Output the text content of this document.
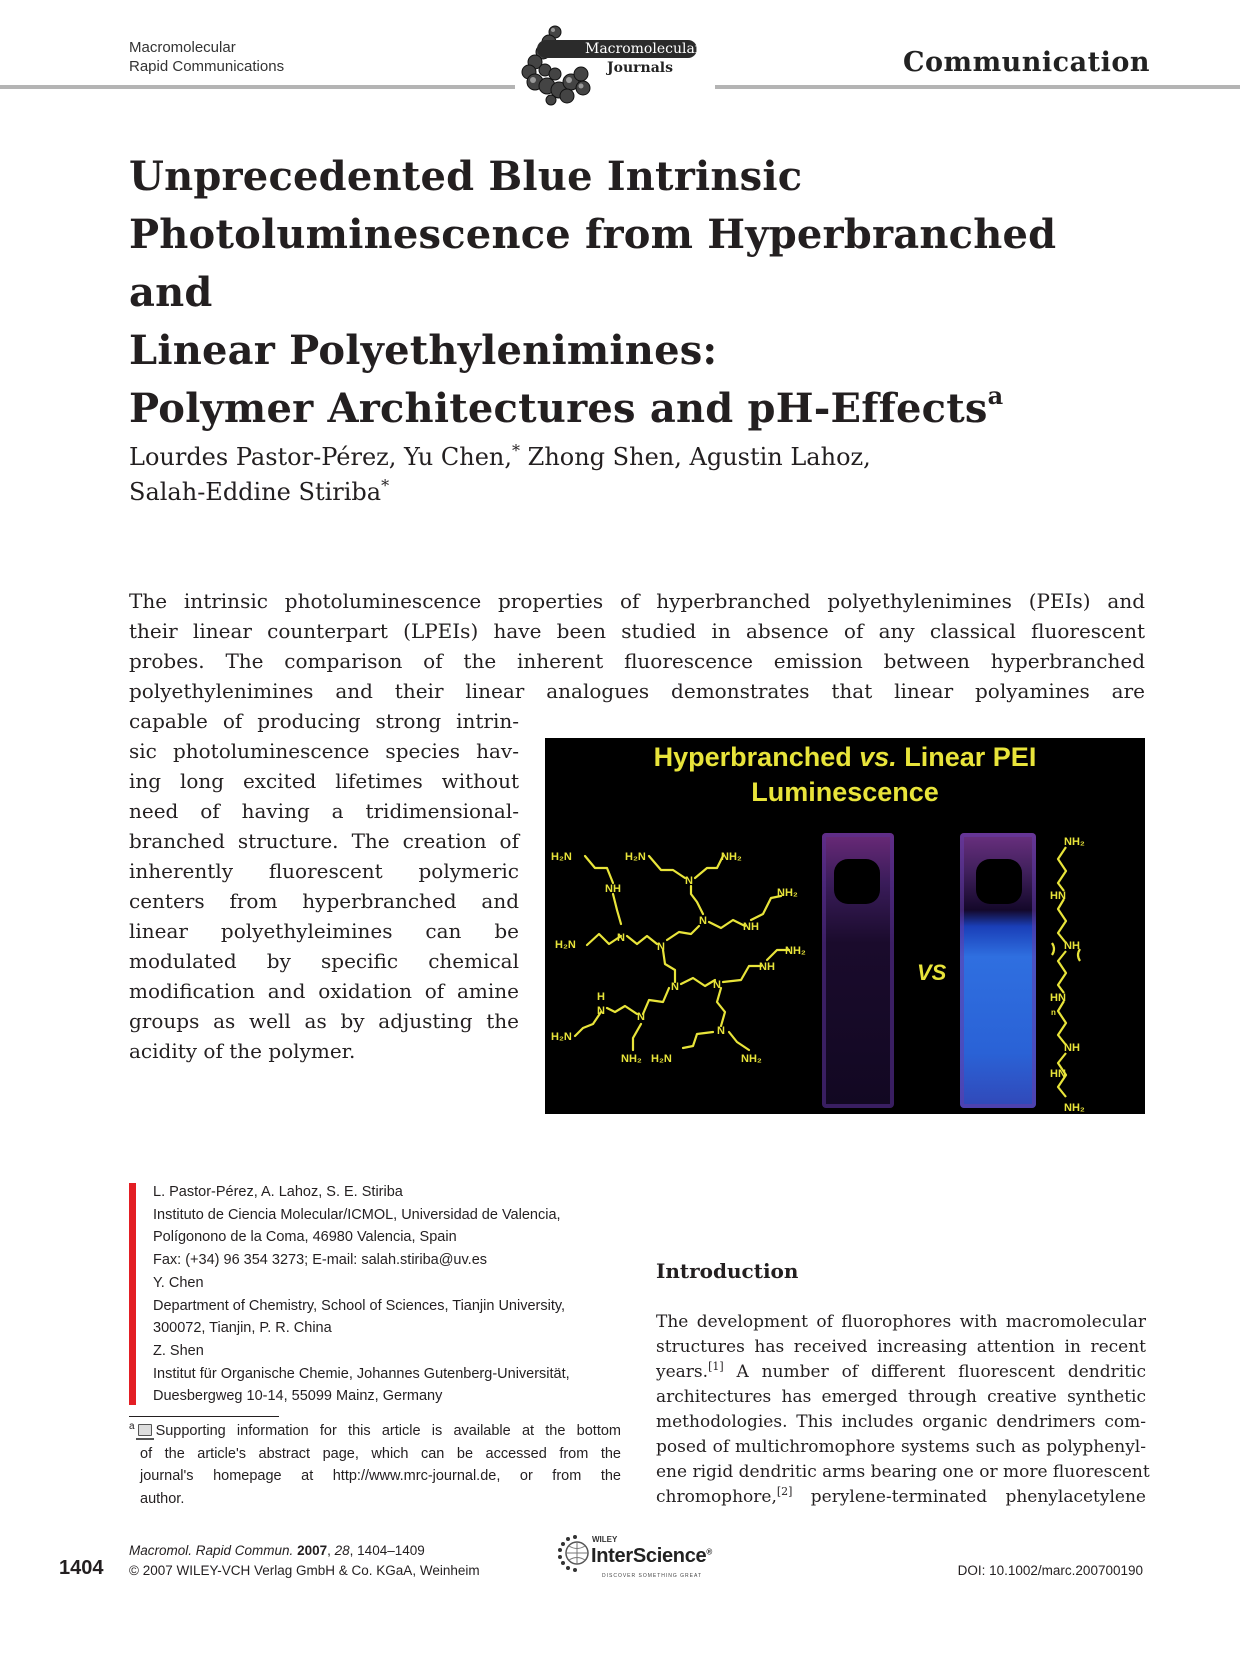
Macromolecular
Rapid Communications
Macromolecular
Journals	Communication
Unprecedented Blue Intrinsic
Photoluminescence from Hyperbranched and
Linear Polyethylenimines:
Polymer Architectures and pH-Effects$^a$
Lourdes Pastor-Pérez, Yu Chen,* Zhong Shen, Agustin Lahoz,
Salah-Eddine Stiriba*
The intrinsic photoluminescence properties of hyperbranched polyethylenimines (PEIs) and
their linear counterpart (LPEIs) have been studied in absence of any classical fluorescent
probes. The comparison of the inherent fluorescence emission between hyperbranched
polyethylenimines and their linear analogues demonstrates that linear polyamines are
capable of producing strong intrin-
sic photoluminescence species hav-
ing long excited lifetimes without
need of having a tridimensional-
branched structure. The creation of
inherently fluorescent polymeric
centers from hyperbranched and
linear polyethyleimines can be
modulated by specific chemical
modification and oxidation of amine
groups as well as by adjusting the
acidity of the polymer.
Hyperbranched vs. Linear PEI
Luminescence
H₂N
NH
H₂N
N
N
N
N
H₂N	NH₂
NH
NH₂
N	N
NH
NH₂
N
H
N
H₂N
NH₂
N
H₂N	NH₂
VS
NH₂
HN
NH
HN
n
NH
HN
NH₂
L. Pastor-Pérez, A. Lahoz, S. E. Stiriba
Instituto de Ciencia Molecular/ICMOL, Universidad de Valencia,
Polígonono de la Coma, 46980 Valencia, Spain
Fax: (+34) 96 354 3273; E-mail: salah.stiriba@uv.es
Y. Chen
Department of Chemistry, School of Sciences, Tianjin University,
300072, Tianjin, P. R. China
Z. Shen
Institut für Organische Chemie, Johannes Gutenberg-Universität,
Duesbergweg 10-14, 55099 Mainz, Germany
$^a$ Supporting information for this article is available at the bottom
of the article's abstract page, which can be accessed from the
journal's homepage at http://www.mrc-journal.de, or from the
author.
Introduction
The development of fluorophores with macromolecular
structures has received increasing attention in recent
years.[1] A number of different fluorescent dendritic
architectures has emerged through creative synthetic
methodologies. This includes organic dendrimers com-
posed of multichromophore systems such as polyphenyl-
ene rigid dendritic arms bearing one or more fluorescent
chromophore,[2] perylene-terminated phenylacetylene
1404
Macromol. Rapid Commun. 2007, 28, 1404–1409
© 2007 WILEY-VCH Verlag GmbH & Co. KGaA, Weinheim
WILEY
InterScience®
DISCOVER SOMETHING GREAT	DOI: 10.1002/marc.200700190
